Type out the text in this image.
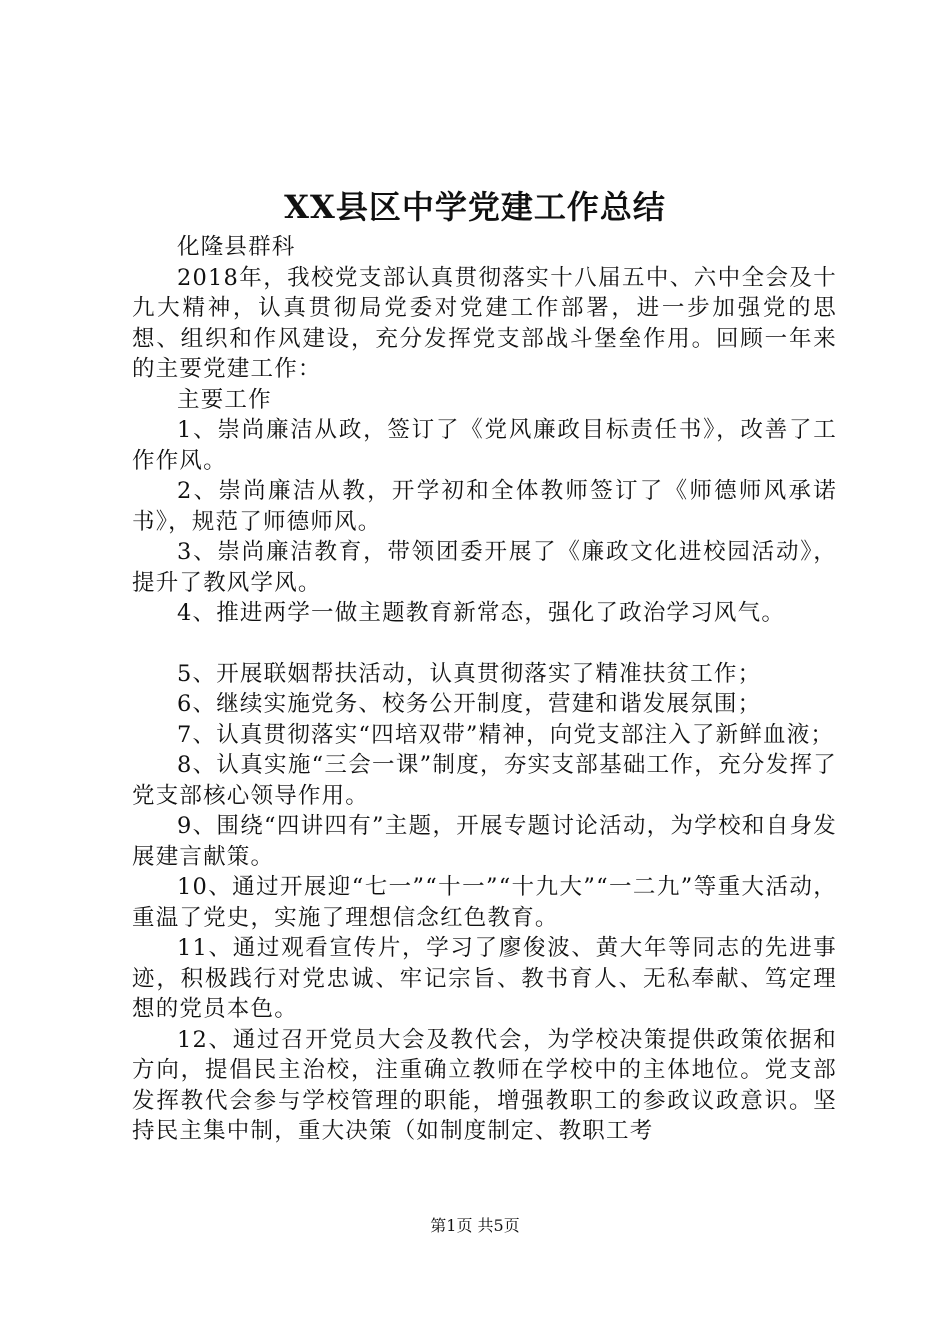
XX县区中学党建工作总结

化隆县群科

2018年，我校党支部认真贯彻落实十八届五中、六中全会及十九大精神，认真贯彻局党委对党建工作部署，进一步加强党的思想、组织和作风建设，充分发挥党支部战斗堡垒作用。回顾一年来的主要党建工作：

主要工作

1、崇尚廉洁从政，签订了《党风廉政目标责任书》，改善了工作作风。

2、崇尚廉洁从教，开学初和全体教师签订了《师德师风承诺书》，规范了师德师风。

3、崇尚廉洁教育，带领团委开展了《廉政文化进校园活动》，提升了教风学风。

4、推进两学一做主题教育新常态，强化了政治学习风气。

5、开展联姻帮扶活动，认真贯彻落实了精准扶贫工作；

6、继续实施党务、校务公开制度，营建和谐发展氛围；

7、认真贯彻落实“四培双带”精神，向党支部注入了新鲜血液；

8、认真实施“三会一课”制度，夯实支部基础工作，充分发挥了党支部核心领导作用。

9、围绕“四讲四有”主题，开展专题讨论活动，为学校和自身发展建言献策。

10、通过开展迎“七一”“十一”“十九大”“一二九”等重大活动，重温了党史，实施了理想信念红色教育。

11、通过观看宣传片，学习了廖俊波、黄大年等同志的先进事迹，积极践行对党忠诚、牢记宗旨、教书育人、无私奉献、笃定理想的党员本色。

12、通过召开党员大会及教代会，为学校决策提供政策依据和方向，提倡民主治校，注重确立教师在学校中的主体地位。党支部发挥教代会参与学校管理的职能，增强教职工的参政议政意识。坚持民主集中制，重大决策（如制度制定、教职工考

第1页 共5页
